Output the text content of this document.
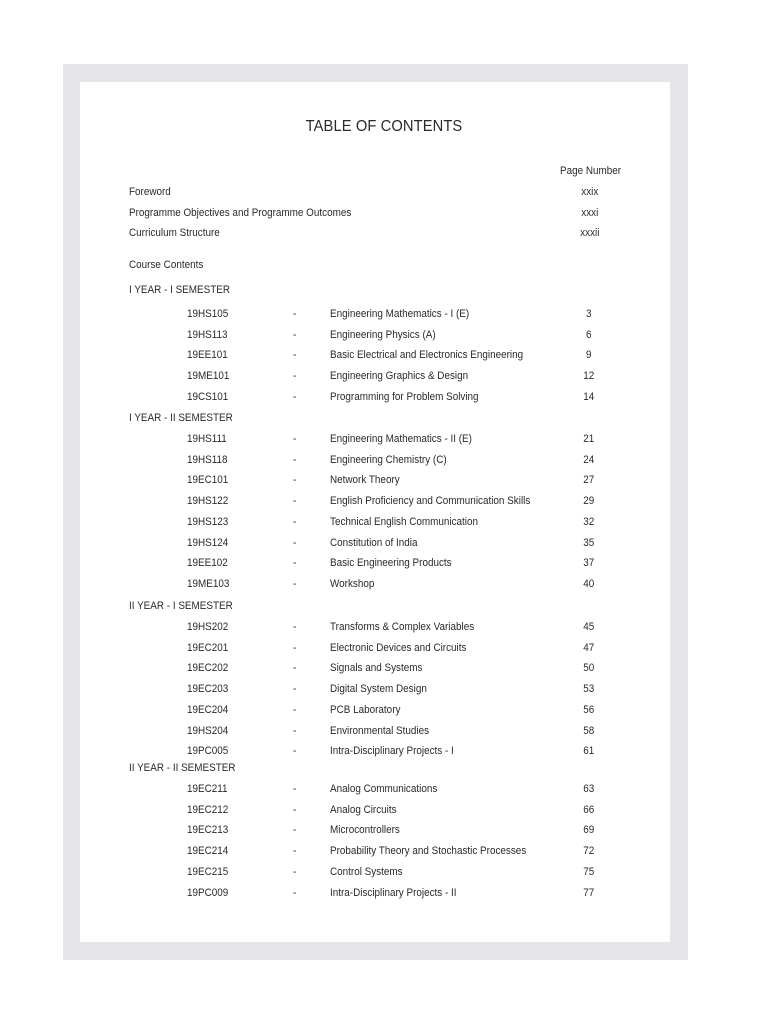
TABLE OF CONTENTS
Page Number
Foreword	xxix
Programme Objectives and Programme Outcomes	xxxi
Curriculum Structure	xxxii
Course Contents
I YEAR - I SEMESTER
19HS105	-	Engineering Mathematics - I (E)	3
19HS113	-	Engineering Physics (A)	6
19EE101	-	Basic Electrical and Electronics Engineering	9
19ME101	-	Engineering Graphics & Design	12
19CS101	-	Programming for Problem Solving	14
I YEAR - II SEMESTER
19HS111	-	Engineering Mathematics - II (E)	21
19HS118	-	Engineering Chemistry (C)	24
19EC101	-	Network Theory	27
19HS122	-	English Proficiency and Communication Skills	29
19HS123	-	Technical English Communication	32
19HS124	-	Constitution of India	35
19EE102	-	Basic Engineering Products	37
19ME103	-	Workshop	40
II YEAR - I SEMESTER
19HS202	-	Transforms & Complex Variables	45
19EC201	-	Electronic Devices and Circuits	47
19EC202	-	Signals and Systems	50
19EC203	-	Digital System Design	53
19EC204	-	PCB Laboratory	56
19HS204	-	Environmental Studies	58
19PC005	-	Intra-Disciplinary Projects - I	61
II YEAR - II SEMESTER
19EC211	-	Analog Communications	63
19EC212	-	Analog Circuits	66
19EC213	-	Microcontrollers	69
19EC214	-	Probability Theory and Stochastic Processes	72
19EC215	-	Control Systems	75
19PC009	-	Intra-Disciplinary Projects - II	77
